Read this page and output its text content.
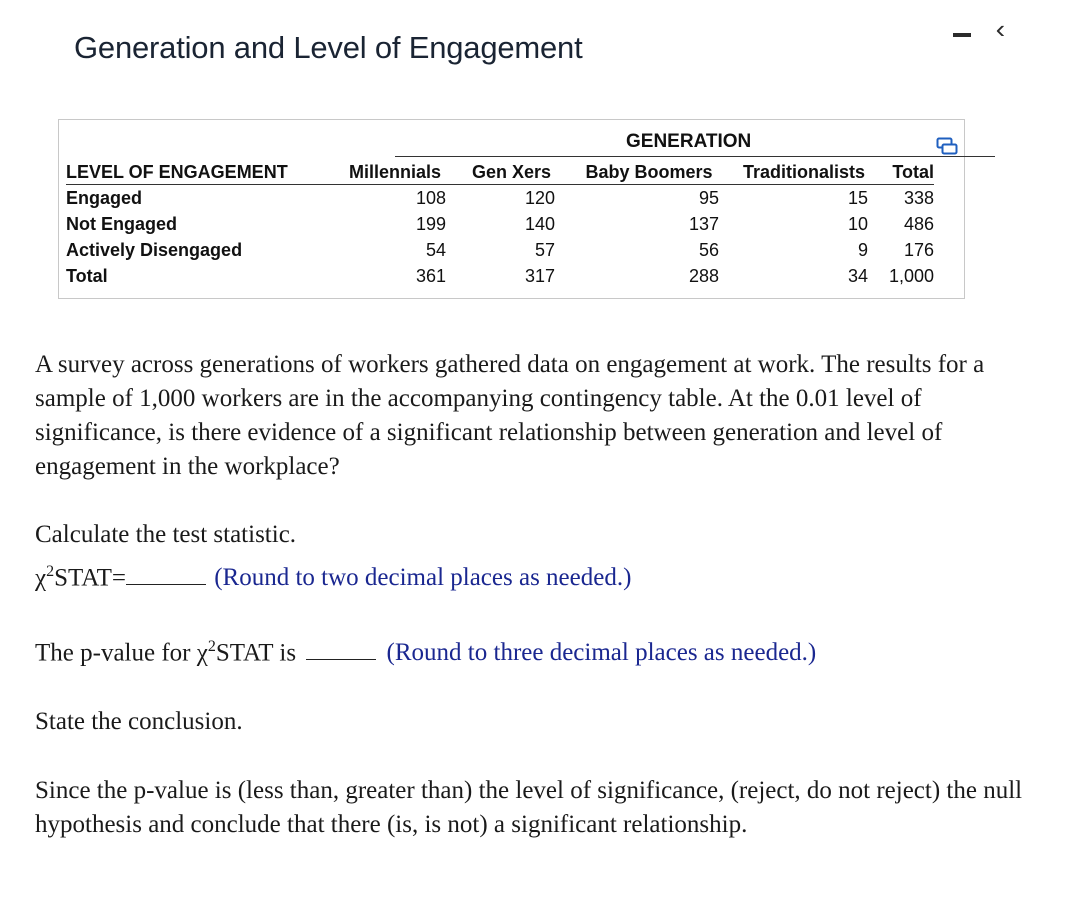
Generation and Level of Engagement
‹
GENERATION
LEVEL OF ENGAGEMENT	Millennials	Gen Xers	Baby Boomers	Traditionalists	Total
Engaged	108	120	95	15	338
Not Engaged	199	140	137	10	486
Actively Disengaged	54	57	56	9	176
Total	361	317	288	34	1,000
A survey across generations of workers gathered data on engagement at work. The results for a sample of 1,000 workers are in the accompanying contingency table. At the 0.01 level of significance, is there evidence of a significant relationship between generation and level of engagement in the workplace?
Calculate the test statistic.
$\chi^2STAT=$	(Round to two decimal places as needed.)
The p-value for $\chi^2STAT$ is	(Round to three decimal places as needed.)
State the conclusion.
Since the p-value is (less than, greater than) the level of significance, (reject, do not reject) the null hypothesis and conclude that there (is, is not) a significant relationship.
